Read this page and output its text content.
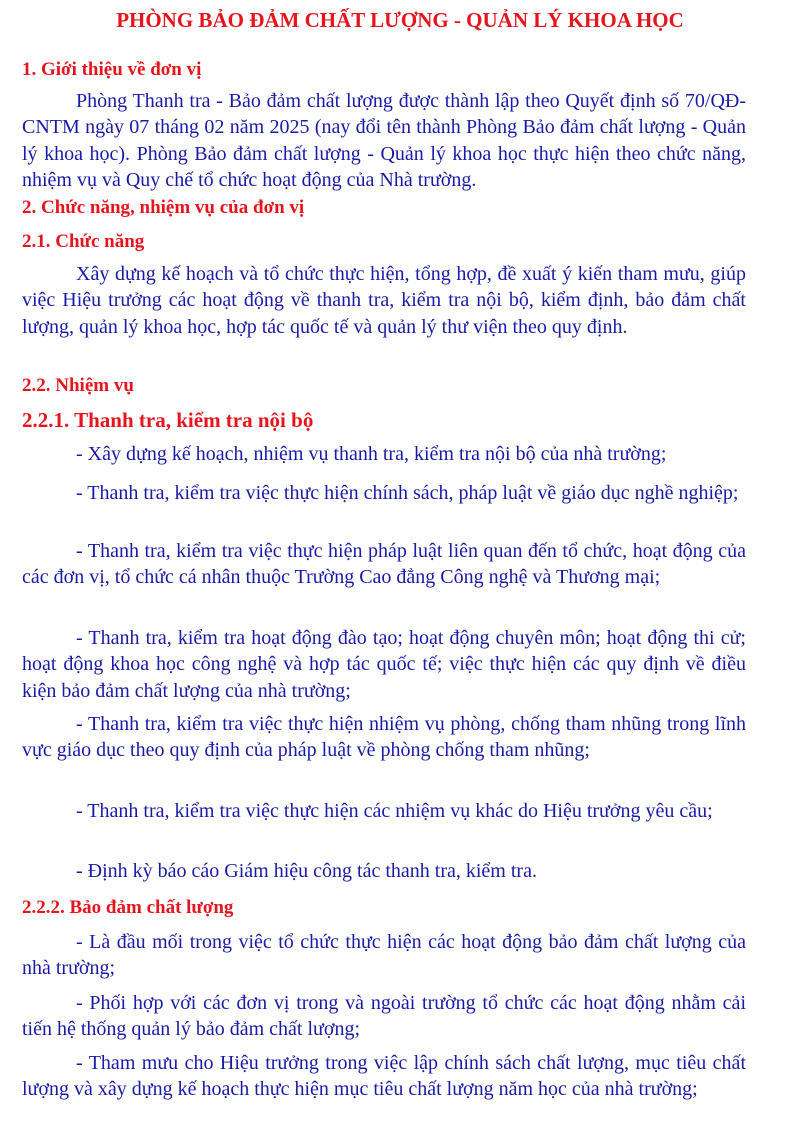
PHÒNG BẢO ĐẢM CHẤT LƯỢNG - QUẢN LÝ KHOA HỌC
1. Giới thiệu về đơn vị
Phòng Thanh tra - Bảo đảm chất lượng được thành lập theo Quyết định số 70/QĐ-CNTM ngày 07 tháng 02 năm 2025 (nay đổi tên thành Phòng Bảo đảm chất lượng - Quản lý khoa học). Phòng Bảo đảm chất lượng - Quản lý khoa học thực hiện theo chức năng, nhiệm vụ và Quy chế tổ chức hoạt động của Nhà trường.
2. Chức năng, nhiệm vụ của đơn vị
2.1. Chức năng
Xây dựng kế hoạch và tổ chức thực hiện, tổng hợp, đề xuất ý kiến tham mưu, giúp việc Hiệu trưởng các hoạt động về thanh tra, kiểm tra nội bộ, kiểm định, bảo đảm chất lượng, quản lý khoa học, hợp tác quốc tế và quản lý thư viện theo quy định.
2.2. Nhiệm vụ
2.2.1. Thanh tra, kiểm tra nội bộ
- Xây dựng kế hoạch, nhiệm vụ thanh tra, kiểm tra nội bộ của nhà trường;
- Thanh tra, kiểm tra việc thực hiện chính sách, pháp luật về giáo dục nghề nghiệp;
- Thanh tra, kiểm tra việc thực hiện pháp luật liên quan đến tổ chức, hoạt động của các đơn vị, tổ chức cá nhân thuộc Trường Cao đẳng Công nghệ và Thương mại;
- Thanh tra, kiểm tra hoạt động đào tạo; hoạt động chuyên môn; hoạt động thi cử; hoạt động khoa học công nghệ và hợp tác quốc tế; việc thực hiện các quy định về điều kiện bảo đảm chất lượng của nhà trường;
- Thanh tra, kiểm tra việc thực hiện nhiệm vụ phòng, chống tham nhũng trong lĩnh vực giáo dục theo quy định của pháp luật về phòng chống tham nhũng;
- Thanh tra, kiểm tra việc thực hiện các nhiệm vụ khác do Hiệu trưởng yêu cầu;
- Định kỳ báo cáo Giám hiệu công tác thanh tra, kiểm tra.
2.2.2. Bảo đảm chất lượng
- Là đầu mối trong việc tổ chức thực hiện các hoạt động bảo đảm chất lượng của nhà trường;
- Phối hợp với các đơn vị trong và ngoài trường tổ chức các hoạt động nhằm cải tiến hệ thống quản lý bảo đảm chất lượng;
- Tham mưu cho Hiệu trưởng trong việc lập chính sách chất lượng, mục tiêu chất lượng và xây dựng kế hoạch thực hiện mục tiêu chất lượng năm học của nhà trường;
